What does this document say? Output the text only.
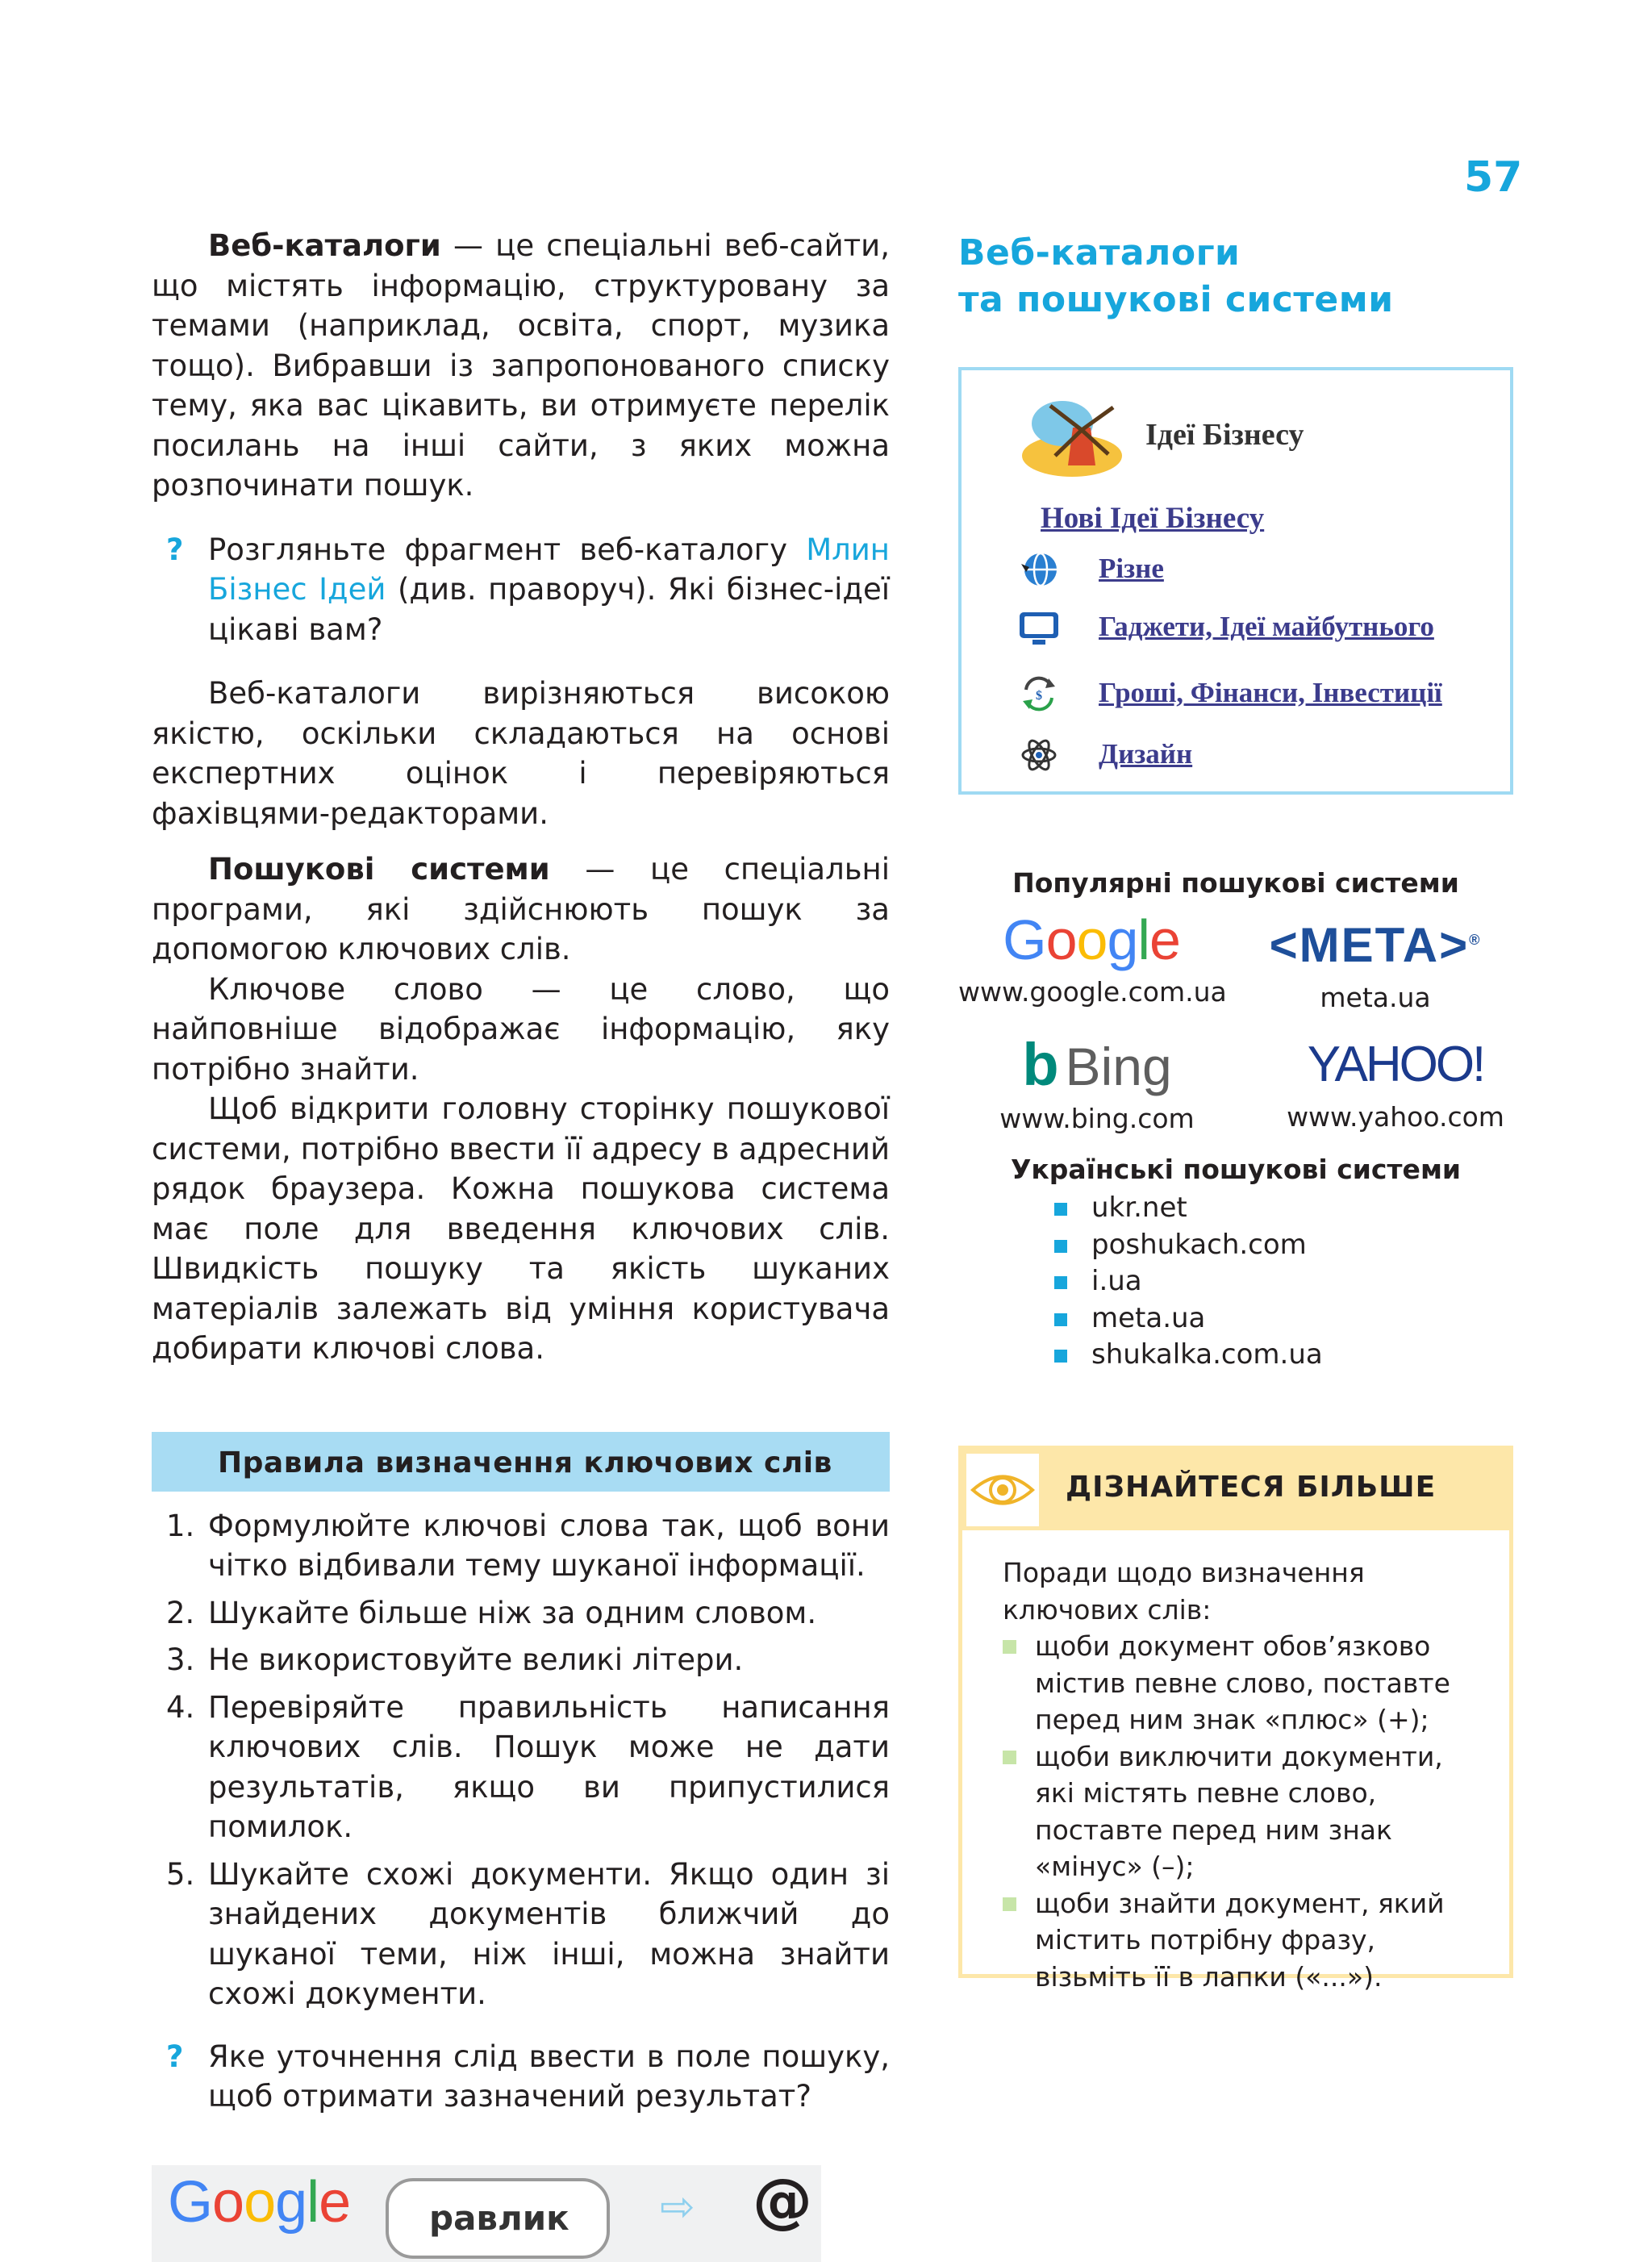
57

Веб-каталоги — це спеціальні веб-сайти, що містять інформацію, структуровану за темами (наприклад, освіта, спорт, музика тощо). Вибравши із запропонованого списку тему, яка вас цікавить, ви отримуєте перелік посилань на інші сайти, з яких можна розпочинати пошук.

? Розгляньте фрагмент веб-каталогу Млин Бізнес Ідей (див. праворуч). Які бізнес-ідеї цікаві вам?

Веб-каталоги вирізняються високою якістю, оскільки складаються на основі експертних оцінок і перевіряються фахівцями-редакторами.

Пошукові системи — це спеціальні програми, які здійснюють пошук за допомогою ключових слів.

Ключове слово — це слово, що найповніше відображає інформацію, яку потрібно знайти.

Щоб відкрити головну сторінку пошукової системи, потрібно ввести її адресу в адресний рядок браузера. Кожна пошукова система має поле для введення ключових слів. Швидкість пошуку та якість шуканих матеріалів залежать від уміння користувача добирати ключові слова.

Правила визначення ключових слів
1. Формулюйте ключові слова так, щоб вони чітко відбивали тему шуканої інформації.
2. Шукайте більше ніж за одним словом.
3. Не використовуйте великі літери.
4. Перевіряйте правильність написання ключових слів. Пошук може не дати результатів, якщо ви припустилися помилок.
5. Шукайте схожі документи. Якщо один зі знайдених документів ближчий до шуканої теми, ніж інші, можна знайти схожі документи.

? Яке уточнення слід ввести в поле пошуку, щоб отримати зазначений результат?

Google	равлик	⇨ @
Веб-каталоги
та пошукові системи
Ідеї Бізнесу
Нові Ідеї Бізнесу
Різне
Гаджети, Ідеї майбутнього
$ Гроші, Фінанси, Інвестиції
Дизайн
Популярні пошукові системи
Google
www.google.com.ua
<META>®
meta.ua
b Bing
www.bing.com
YAHOO!
www.yahoo.com
Українські пошукові системи
ukr.net
poshukach.com
i.ua
meta.ua
shukalka.com.ua
ДІЗНАЙТЕСЯ БІЛЬШЕ

Поради щодо визначення ключових слів:

щоби документ обов’язково містив певне слово, поставте перед ним знак «плюс» (+);
щоби виключити документи, які містять певне слово, поставте перед ним знак «мінус» (–);
щоби знайти документ, який містить потрібну фразу, візьміть її в лапки («...»).
